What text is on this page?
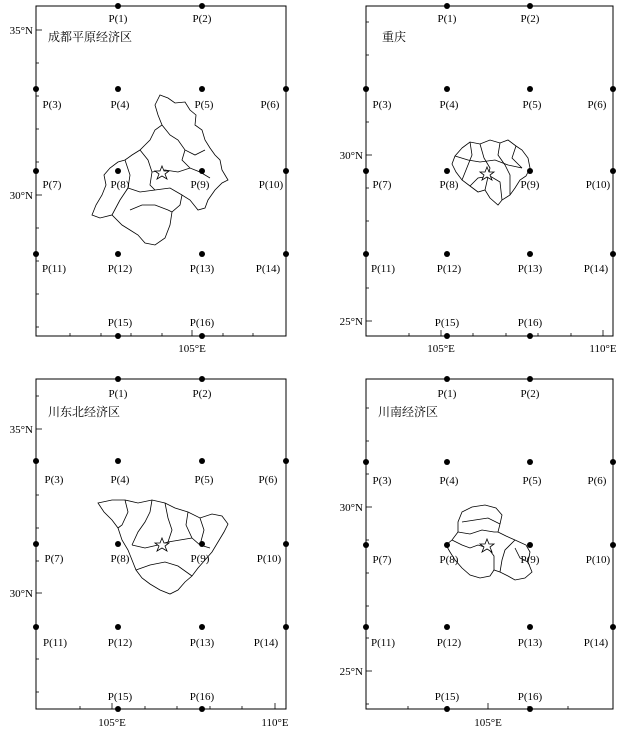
35°N
30°N
105°E
成都平原经济区
P(1)	P(2)
P(3)	P(4)	P(5)	P(6)
P(7)	P(8)	P(9)	P(10)
P(11)	P(12)	P(13)	P(14)
P(15)	P(16)
30°N
25°N
105°E	110°E
重庆
P(1)	P(2)
P(3)	P(4)	P(5)	P(6)
P(7)	P(8)	P(9)	P(10)
P(11)	P(12)	P(13)	P(14)
P(15)	P(16)
35°N
30°N
105°E	110°E
川东北经济区
P(1)	P(2)
P(3)	P(4)	P(5)	P(6)
P(7)	P(8)	P(9)	P(10)
P(11)	P(12)	P(13)	P(14)
P(15)	P(16)
30°N
25°N
105°E
川南经济区
P(1)	P(2)
P(3)	P(4)	P(5)	P(6)
P(7)	P(8)	P(9)	P(10)
P(11)	P(12)	P(13)	P(14)
P(15)	P(16)
